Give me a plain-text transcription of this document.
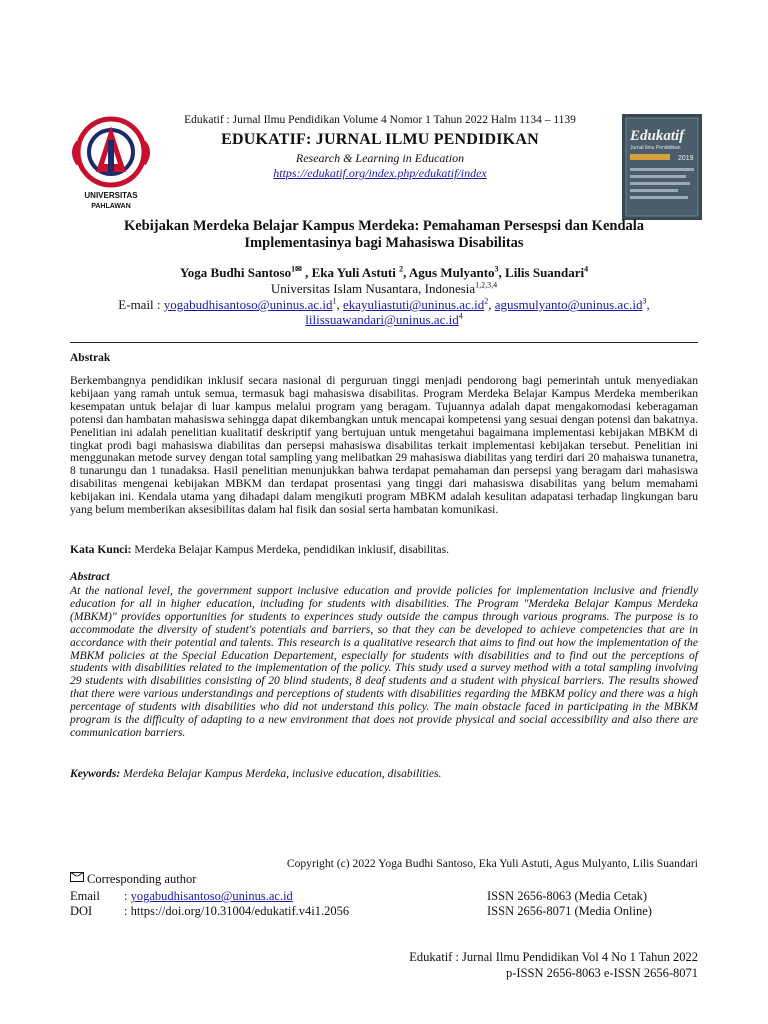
UNIVERSITAS
PAHLAWAN
Edukatif : Jurnal Ilmu Pendidikan Volume 4 Nomor 1 Tahun 2022 Halm 1134 – 1139
EDUKATIF: JURNAL ILMU PENDIDIKAN
Research & Learning in Education
https://edukatif.org/index.php/edukatif/index
Edukatif
Jurnal Ilmu Pendidikan
2019
Kebijakan Merdeka Belajar Kampus Merdeka: Pemahaman Persespsi dan Kendala Implementasinya bagi Mahasiswa Disabilitas
Yoga Budhi Santoso$^{1✉}$ , Eka Yuli Astuti $^2$, Agus Mulyanto$^3$, Lilis Suandari$^4$
Universitas Islam Nusantara, Indonesia$^{1,2,3,4}$
E-mail : $yogabudhisantoso@uninus.ac.id^1$, $ekayuliastuti@uninus.ac.id^2$, $agusmulyanto@uninus.ac.id^3$,
$lilissuawandari@uninus.ac.id^4$
Abstrak
Berkembangnya pendidikan inklusif secara nasional di perguruan tinggi menjadi pendorong bagi pemerintah untuk menyediakan kebijaan yang ramah untuk semua, termasuk bagi mahasiswa disabilitas. Program Merdeka Belajar Kampus Merdeka memberikan kesempatan untuk belajar di luar kampus melalui program yang beragam. Tujuannya adalah dapat mengakomodasi keberagaman potensi dan hambatan mahasiswa sehingga dapat dikembangkan untuk mencapai kompetensi yang sesuai dengan potensi dan bakatnya. Penelitian ini adalah penelitian kualitatif deskriptif yang bertujuan untuk mengetahui bagaimana implementasi kebijakan MBKM di tingkat prodi bagi mahasiswa diabilitas dan persepsi mahasiswa disabilitas terkait implementasi kebijakan tersebut. Penelitian ini menggunakan metode survey dengan total sampling yang melibatkan 29 mahasiswa diabilitas yang terdiri dari 20 mahaiswa tunanetra, 8 tunarungu dan 1 tunadaksa. Hasil penelitian menunjukkan bahwa terdapat pemahaman dan persepsi yang beragam dari mahasiswa disabilitas mengenai kebijakan MBKM dan terdapat prosentasi yang tinggi dari mahasiswa disabilitas yang belum memahami kebijakan ini. Kendala utama yang dihadapi dalam mengikuti program MBKM adalah kesulitan adapatasi terhadap lingkungan baru yang belum memberikan aksesibilitas dalam hal fisik dan sosial serta hambatan komunikasi.
Kata Kunci: Merdeka Belajar Kampus Merdeka, pendidikan inklusif, disabilitas.
Abstract
At the national level, the government support inclusive education and provide policies for implementation inclusive and friendly education for all in higher education, including for students with disabilities. The Program "Merdeka Belajar Kampus Merdeka (MBKM)" provides opportunities for students to experinces study outside the campus through various programs. The purpose is to accommodate the diversity of student's potentials and barriers, so that they can be developed to achieve competencies that are in accordance with their potential and talents. This research is a qualitative research that aims to find out how the implementation of the MBKM policies at the Special Education Departement, especially for students with disabilities and to find out the perceptions of students with disabilities related to the implementation of the policy. This study used a survey method with a total sampling involving 29 students with disabilities consisting of 20 blind students, 8 deaf students and a student with physical barriers. The results showed that there were various understandings and perceptions of students with disabilities regarding the MBKM policy and there was a high percentage of students with disabilities who did not understand this policy. The main obstacle faced in participating in the MBKM program is the difficulty of adapting to a new environment that does not provide physical and social accessibility and also there are communication barriers.
Keywords: Merdeka Belajar Kampus Merdeka, inclusive education, disabilities.
Copyright (c) 2022 Yoga Budhi Santoso, Eka Yuli Astuti, Agus Mulyanto, Lilis Suandari
Corresponding author
Email : yogabudhisantoso@uninus.ac.id
DOI	: https://doi.org/10.31004/edukatif.v4i1.2056
ISSN 2656-8063 (Media Cetak)
ISSN 2656-8071 (Media Online)
Edukatif : Jurnal Ilmu Pendidikan Vol 4 No 1 Tahun 2022
p-ISSN 2656-8063 e-ISSN 2656-8071
